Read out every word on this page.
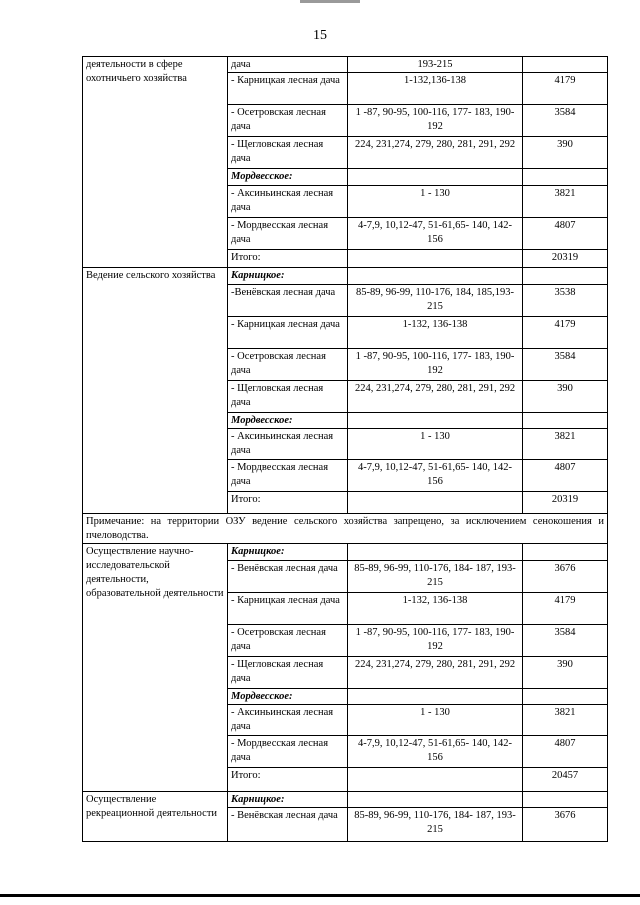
15
деятельности в сфере охотничьего хозяйства	дача	193-215	
	- Карницкая лесная дача	1-132,136-138	4179
	- Осетровская лесная дача	1 -87, 90-95, 100-116, 177- 183, 190- 192	3584
	- Щегловская лесная дача	224, 231,274, 279, 280, 281, 291, 292	390
	Мордвесское:		
	- Аксиньинская лесная дача	1 - 130	3821
	- Мордвесская лесная дача	4-7,9, 10,12-47, 51-61,65- 140, 142-156	4807
	Итого:		20319
Ведение сельского хозяйства	Карницкое:		
	-Венёвская лесная дача	85-89, 96-99, 110-176, 184, 185,193-215	3538
	- Карницкая лесная дача	1-132, 136-138	4179
	- Осетровская лесная дача	1 -87, 90-95, 100-116, 177- 183, 190- 192	3584
	- Щегловская лесная дача	224, 231,274, 279, 280, 281, 291, 292	390
	Мордвесское:		
	- Аксиньинская лесная дача	1 - 130	3821
	- Мордвесская лесная дача	4-7,9, 10,12-47, 51-61,65- 140, 142-156	4807
	Итого:		20319
Примечание: на территории ОЗУ ведение сельского хозяйства запрещено, за исключением сенокошения и пчеловодства.			
Осуществление научно-исследовательской деятельности, образовательной деятельности	Карницкое:		
	- Венёвская лесная дача	85-89, 96-99, 110-176, 184- 187, 193-215	3676
	- Карницкая лесная дача	1-132, 136-138	4179
	- Осетровская лесная дача	1 -87, 90-95, 100-116, 177- 183, 190- 192	3584
	- Щегловская лесная дача	224, 231,274, 279, 280, 281, 291, 292	390
	Мордвесское:		
	- Аксиньинская лесная дача	1 - 130	3821
	- Мордвесская лесная дача	4-7,9, 10,12-47, 51-61,65- 140, 142-156	4807
	Итого:		20457
Осуществление рекреационной деятельности	Карницкое:		
	- Венёвская лесная дача	85-89, 96-99, 110-176, 184- 187, 193-215	3676
